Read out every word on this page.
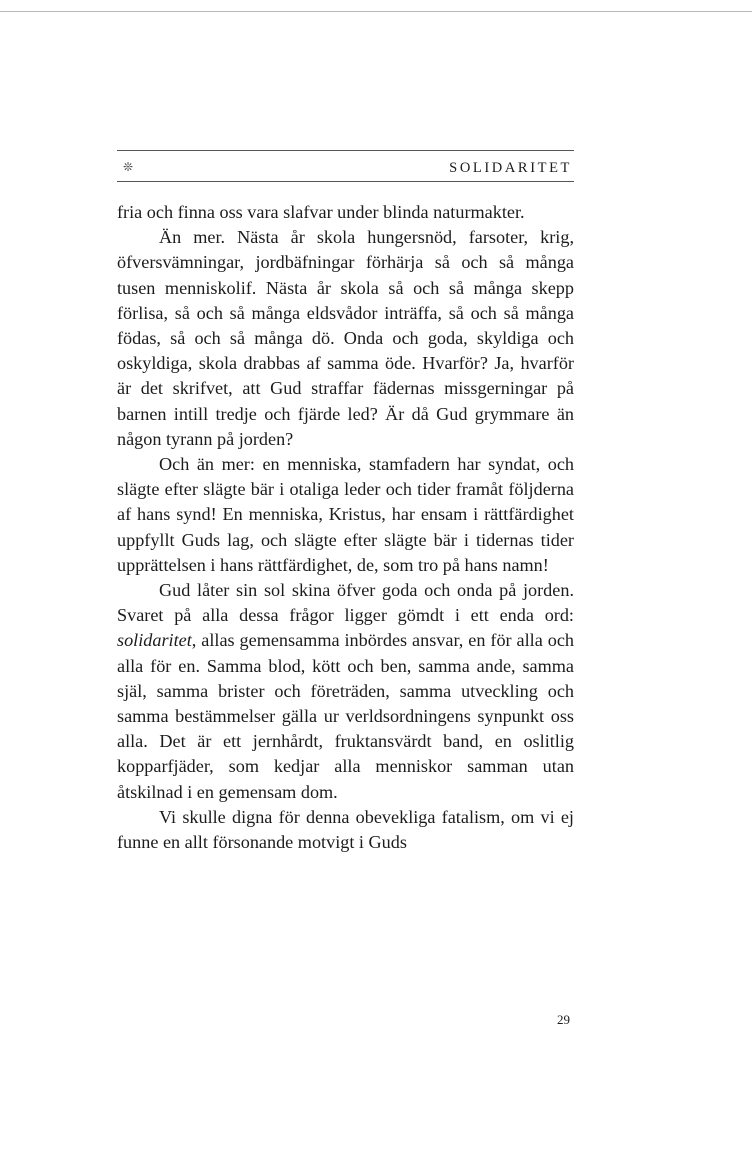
❊	SOLIDARITET

fria och finna oss vara slafvar under blinda naturmakter.

Än mer. Nästa år skola hungersnöd, farsoter, krig, öfversvämningar, jordbäfningar förhärja så och så många tusen menniskolif. Nästa år skola så och så många skepp förlisa, så och så många eldsvådor inträffa, så och så många födas, så och så många dö. Onda och goda, skyldiga och oskyldiga, skola drabbas af samma öde. Hvarför? Ja, hvarför är det skrifvet, att Gud straffar fädernas missgerningar på barnen intill tredje och fjärde led? Är då Gud grymmare än någon tyrann på jorden?

Och än mer: en menniska, stamfadern har syndat, och slägte efter slägte bär i otaliga leder och tider framåt följderna af hans synd! En menniska, Kristus, har ensam i rättfärdighet uppfyllt Guds lag, och slägte efter slägte bär i tidernas tider upprättelsen i hans rättfärdighet, de, som tro på hans namn!

Gud låter sin sol skina öfver goda och onda på jorden. Svaret på alla dessa frågor ligger gömdt i ett enda ord: solidaritet, allas gemensamma inbördes ansvar, en för alla och alla för en. Samma blod, kött och ben, samma ande, samma själ, samma brister och företräden, samma utveckling och samma bestämmelser gälla ur verldsordningens synpunkt oss alla. Det är ett jernhårdt, fruktansvärdt band, en oslitlig kopparfjäder, som kedjar alla menniskor samman utan åtskilnad i en gemensam dom.

Vi skulle digna för denna obevekliga fatalism, om vi ej funne en allt försonande motvigt i Guds

29
